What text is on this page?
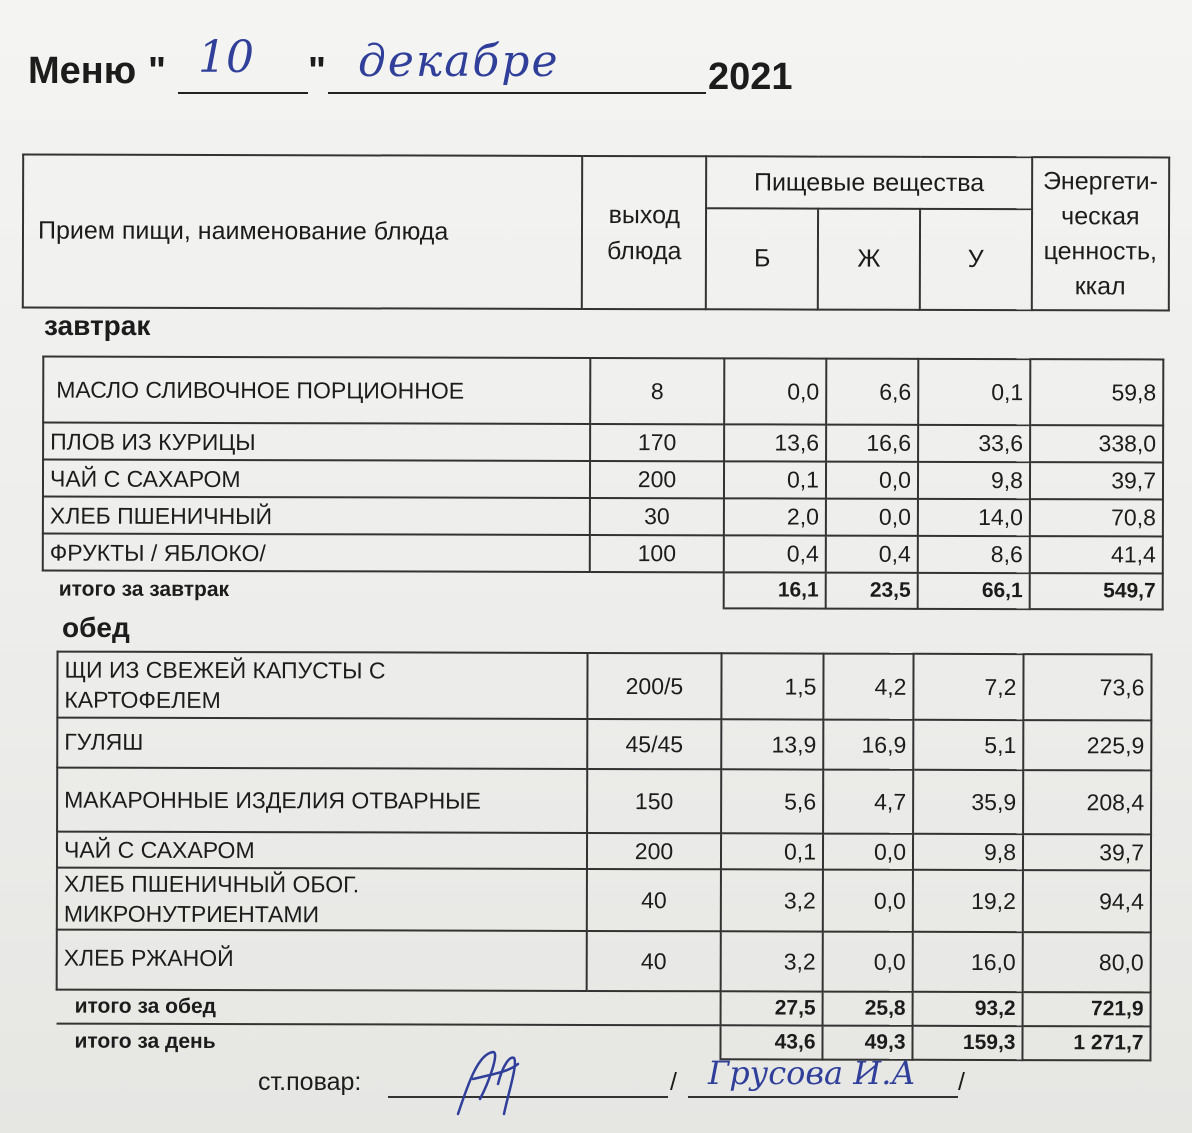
Меню " 10 " декабре	2021
Прием пищи, наименование блюда	выход блюда	Пищевые вещества			Энергети-ческая ценность, ккал
		Б	Ж	У	
завтрак
МАСЛО СЛИВОЧНОЕ ПОРЦИОННОЕ	8	0,0	6,6	0,1	59,8
ПЛОВ ИЗ КУРИЦЫ	170	13,6	16,6	33,6	338,0
ЧАЙ С САХАРОМ	200	0,1	0,0	9,8	39,7
ХЛЕБ ПШЕНИЧНЫЙ	30	2,0	0,0	14,0	70,8
ФРУКТЫ / ЯБЛОКО/	100	0,4	0,4	8,6	41,4
итого за завтрак		16,1	23,5	66,1	549,7
обед
ЩИ ИЗ СВЕЖЕЙ КАПУСТЫ С
КАРТОФЕЛЕМ	200/5	1,5	4,2	7,2	73,6
ГУЛЯШ	45/45	13,9	16,9	5,1	225,9
МАКАРОННЫЕ ИЗДЕЛИЯ ОТВАРНЫЕ	150	5,6	4,7	35,9	208,4
ЧАЙ С САХАРОМ	200	0,1	0,0	9,8	39,7

ХЛЕБ ПШЕНИЧНЫЙ ОБОГ.
МИКРОНУТРИЕНТАМИ	40	3,2	0,0	19,2	94,4
ХЛЕБ РЖАНОЙ	40	3,2	0,0	16,0	80,0
итого за обед		27,5	25,8	93,2	721,9
итого за день		43,6	49,3	159,3	1 271,7
ст.повар:	/ Грусова И.А /
